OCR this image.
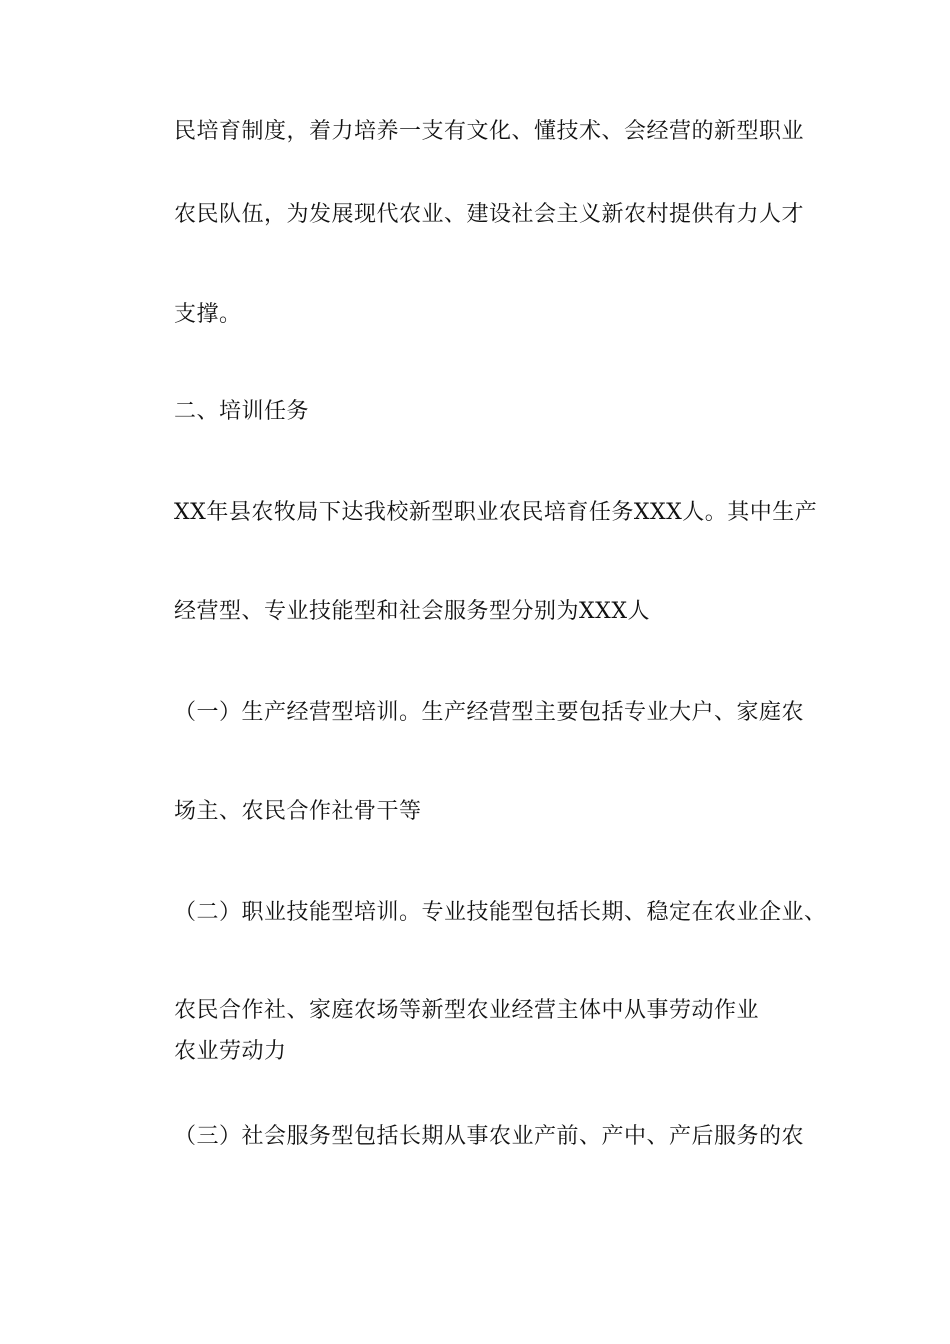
民培育制度，着力培养一支有文化、懂技术、会经营的新型职业
农民队伍，为发展现代农业、建设社会主义新农村提供有力人才
支撑。
二、培训任务
XX年县农牧局下达我校新型职业农民培育任务XXX人。其中生产
经营型、专业技能型和社会服务型分别为XXX人
（一）生产经营型培训。生产经营型主要包括专业大户、家庭农
场主、农民合作社骨干等
（二）职业技能型培训。专业技能型包括长期、稳定在农业企业、
农民合作社、家庭农场等新型农业经营主体中从事劳动作业
农业劳动力
（三）社会服务型包括长期从事农业产前、产中、产后服务的农
